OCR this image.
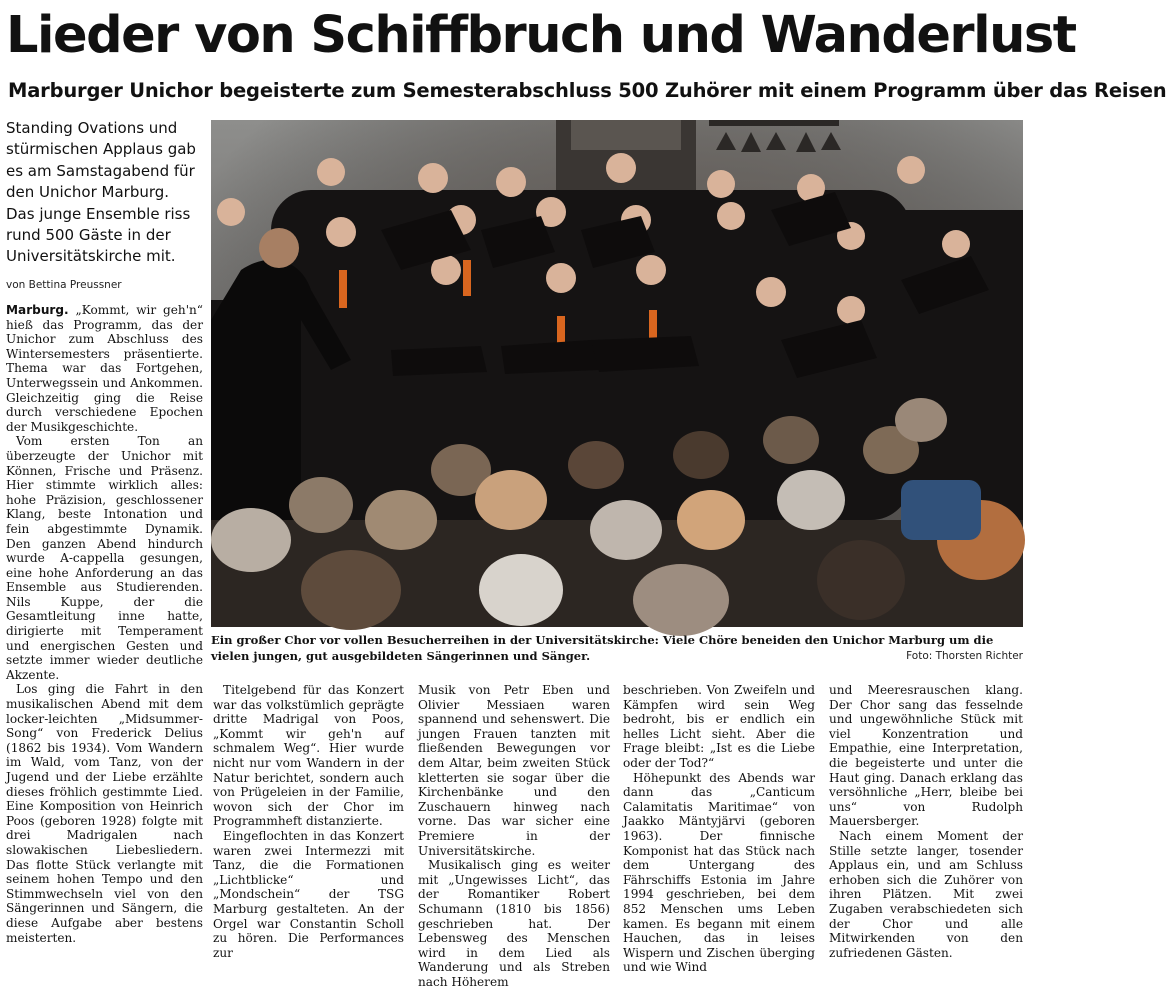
Lieder von Schiffbruch und Wanderlust
Marburger Unichor begeisterte zum Semesterabschluss 500 Zuhörer mit einem Programm über das Reisen

Standing Ovations und stürmischen Applaus gab es am Samstagabend für den Unichor Marburg. Das junge Ensemble riss rund 500 Gäste in der Universitätskirche mit.

von Bettina Preussner

Marburg. „Kommt, wir geh'n“ hieß das Programm, das der Unichor zum Abschluss des Wintersemesters präsentierte. Thema war das Fortgehen, Unterwegssein und Ankommen. Gleichzeitig ging die Reise durch verschiedene Epochen der Musikgeschichte.

Vom ersten Ton an überzeugte der Unichor mit Können, Frische und Präsenz. Hier stimmte wirklich alles: hohe Präzision, geschlossener Klang, beste Intonation und fein abgestimmte Dynamik. Den ganzen Abend hindurch wurde A-cappella gesungen, eine hohe Anforderung an das Ensemble aus Studierenden. Nils Kuppe, der die Gesamtleitung inne hatte, dirigierte mit Temperament und energischen Gesten und setzte immer wieder deutliche Akzente.

Los ging die Fahrt in den musikalischen Abend mit dem locker-leichten „Midsummer-Song“ von Frederick Delius (1862 bis 1934). Vom Wandern im Wald, vom Tanz, von der Jugend und der Liebe erzählte dieses fröhlich gestimmte Lied. Eine Komposition von Heinrich Poos (geboren 1928) folgte mit drei Madrigalen nach slowakischen Liebesliedern. Das flotte Stück verlangte mit seinem hohen Tempo und den Stimmwechseln viel von den Sängerinnen und Sängern, die diese Aufgabe aber bestens meisterten.

Ein großer Chor vor vollen Besucherreihen in der Universitätskirche: Viele Chöre beneiden den Unichor Marburg um die vielen jungen, gut ausgebildeten Sängerinnen und Sänger.	Foto: Thorsten Richter

Titelgebend für das Konzert war das volkstümlich geprägte dritte Madrigal von Poos, „Kommt wir geh'n auf schmalem Weg“. Hier wurde nicht nur vom Wandern in der Natur berichtet, sondern auch von Prügeleien in der Familie, wovon sich der Chor im Programmheft distanzierte.

Eingeflochten in das Konzert waren zwei Intermezzi mit Tanz, die die Formationen „Lichtblicke“ und „Mondschein“ der TSG Marburg gestalteten. An der Orgel war Constantin Scholl zu hören. Die Performances zur

Musik von Petr Eben und Olivier Messiaen waren spannend und sehenswert. Die jungen Frauen tanzten mit fließenden Bewegungen vor dem Altar, beim zweiten Stück kletterten sie sogar über die Kirchenbänke und den Zuschauern hinweg nach vorne. Das war sicher eine Premiere in der Universitätskirche.

Musikalisch ging es weiter mit „Ungewisses Licht“, das der Romantiker Robert Schumann (1810 bis 1856) geschrieben hat. Der Lebensweg des Menschen wird in dem Lied als Wanderung und als Streben nach Höherem

beschrieben. Von Zweifeln und Kämpfen wird sein Weg bedroht, bis er endlich ein helles Licht sieht. Aber die Frage bleibt: „Ist es die Liebe oder der Tod?“

Höhepunkt des Abends war dann das „Canticum Calamitatis Maritimae“ von Jaakko Mäntyjärvi (geboren 1963). Der finnische Komponist hat das Stück nach dem Untergang des Fährschiffs Estonia im Jahre 1994 geschrieben, bei dem 852 Menschen ums Leben kamen. Es begann mit einem Hauchen, das in leises Wispern und Zischen überging und wie Wind

und Meeresrauschen klang. Der Chor sang das fesselnde und ungewöhnliche Stück mit viel Konzentration und Empathie, eine Interpretation, die begeisterte und unter die Haut ging. Danach erklang das versöhnliche „Herr, bleibe bei uns“ von Rudolph Mauersberger.

Nach einem Moment der Stille setzte langer, tosender Applaus ein, und am Schluss erhoben sich die Zuhörer von ihren Plätzen. Mit zwei Zugaben verabschiedeten sich der Chor und alle Mitwirkenden von den zufriedenen Gästen.
